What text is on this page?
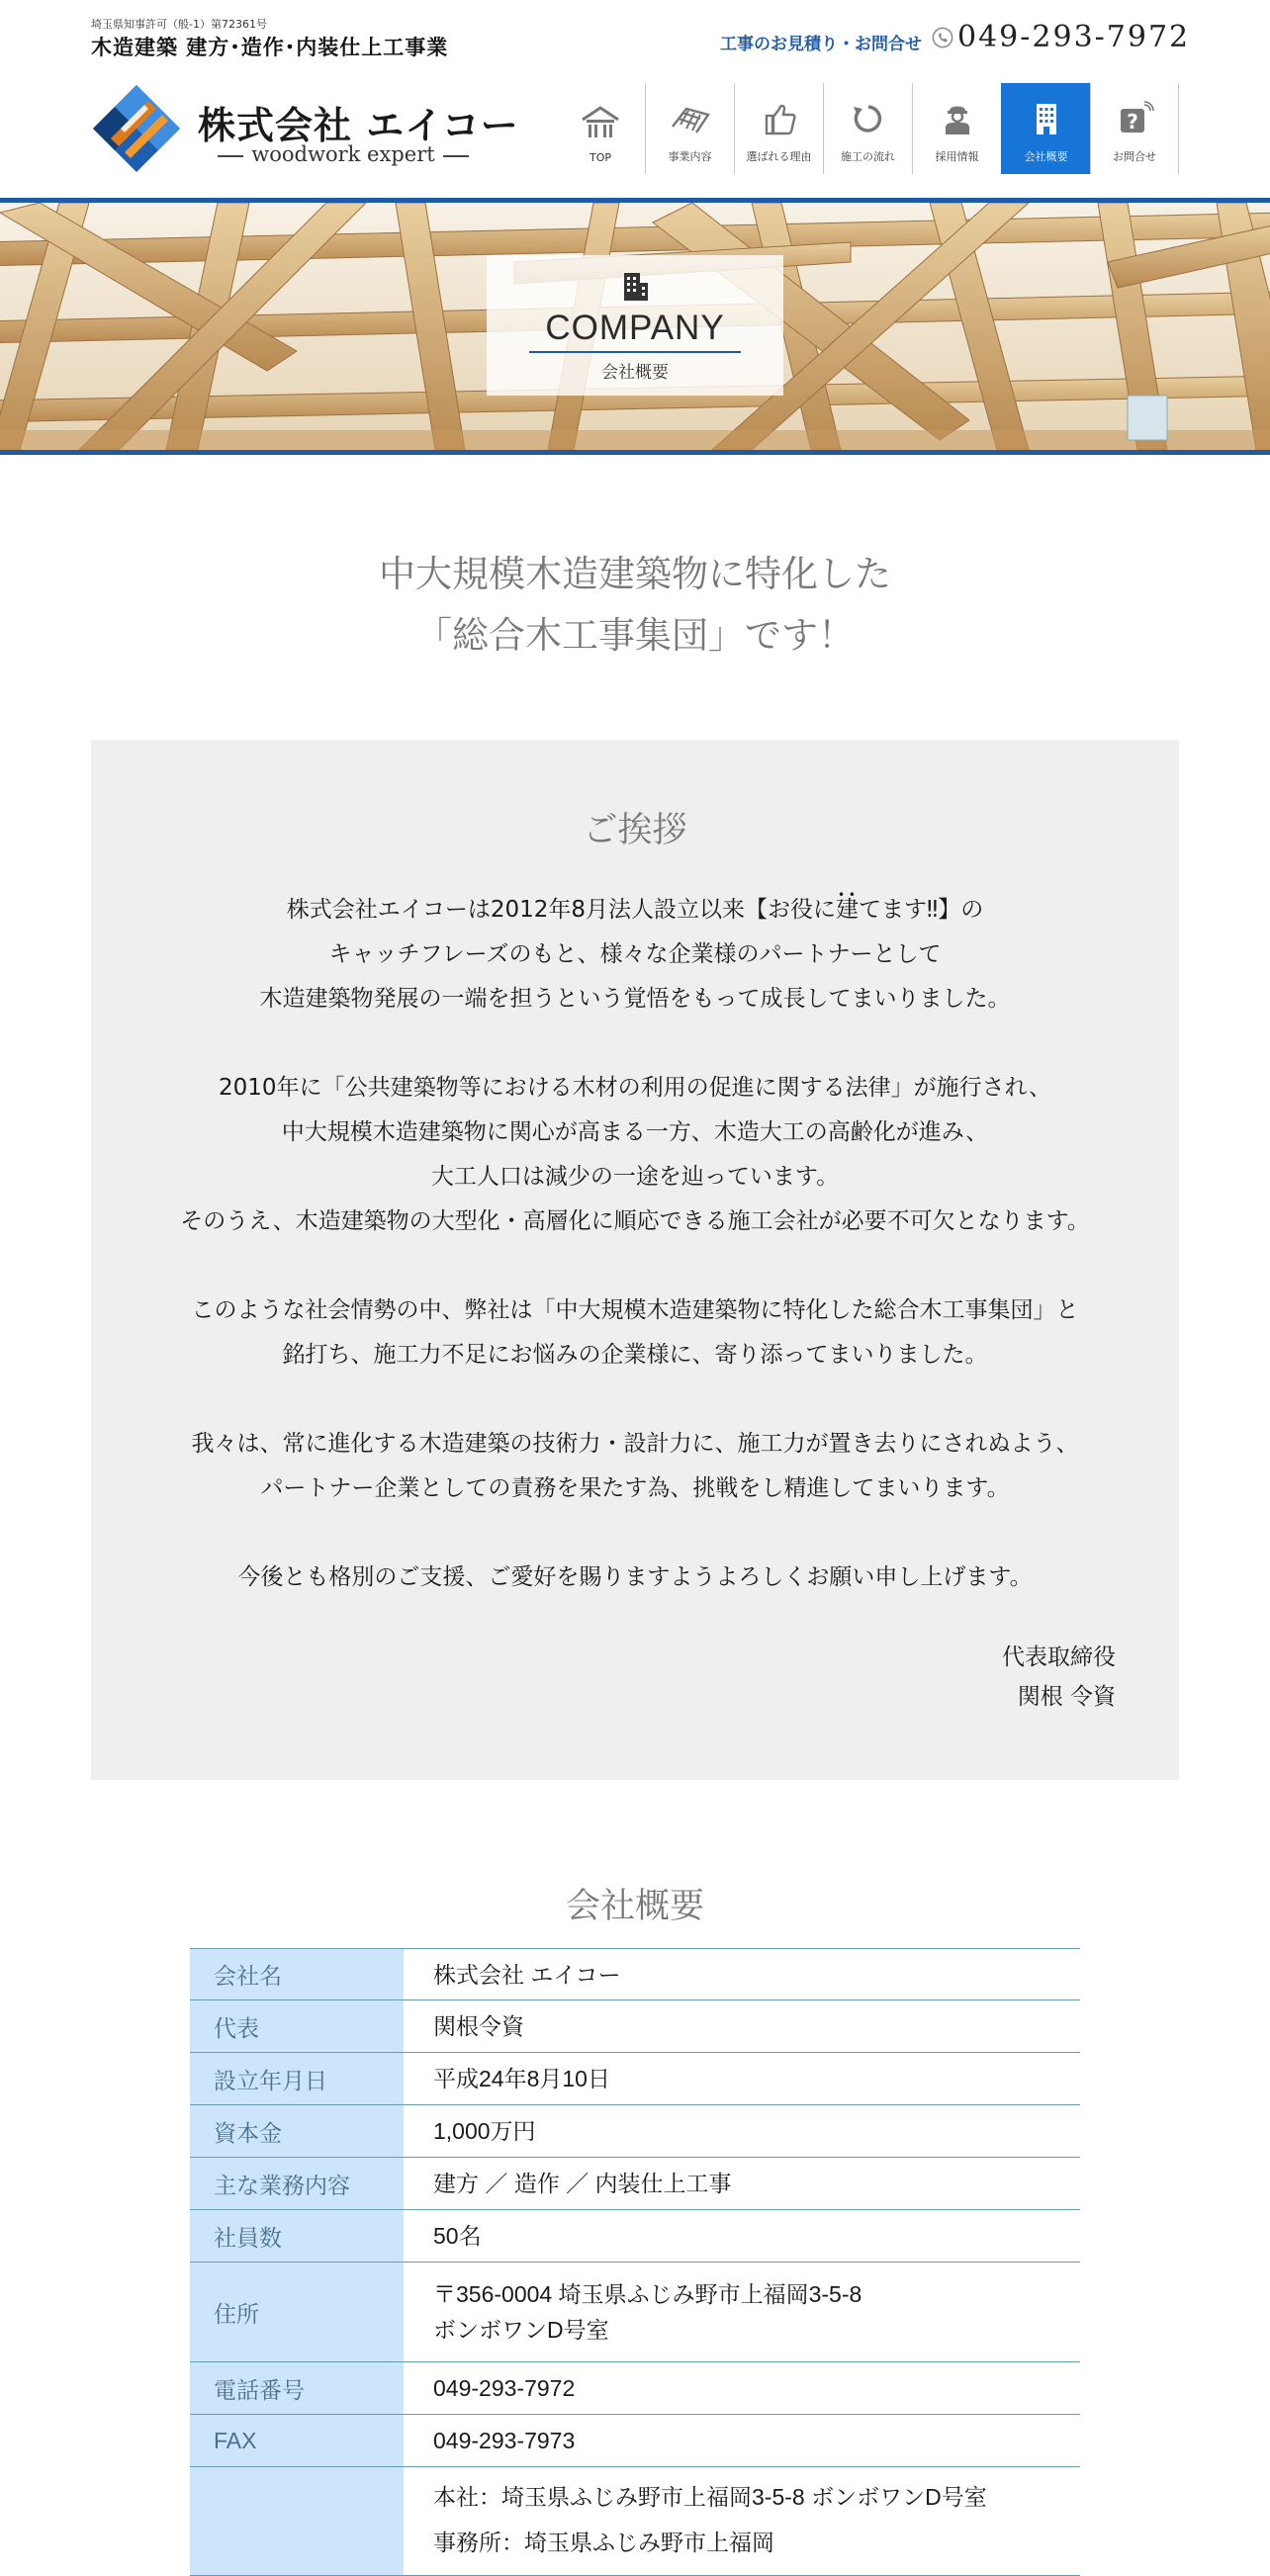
埼玉県知事許可（般-1）第72361号
木造建築 建方･造作･内装仕上工事業	工事のお見積り・お問合せ 049-293-7972
株式会社 エイコー
woodwork expert	TOP	事業内容	選ばれる理由	施工の流れ	採用情報	会社概要
?
お問合せ
COMPANY
会社概要
中大規模木造建築物に特化した
「総合木工事集団」です！
ご挨拶

株式会社エイコーは2012年8月法人設立以来【お役に• • 建てます‼】の
キャッチフレーズのもと、様々な企業様のパートナーとして
木造建築物発展の一端を担うという覚悟をもって成長してまいりました。

2010年に「公共建築物等における木材の利用の促進に関する法律」が施行され、
中大規模木造建築物に関心が高まる一方、木造大工の高齢化が進み、
大工人口は減少の一途を辿っています。
そのうえ、木造建築物の大型化・高層化に順応できる施工会社が必要不可欠となります。

このような社会情勢の中、弊社は「中大規模木造建築物に特化した総合木工事集団」と
銘打ち、施工力不足にお悩みの企業様に、寄り添ってまいりました。

我々は、常に進化する木造建築の技術力・設計力に、施工力が置き去りにされぬよう、
パートナー企業としての責務を果たす為、挑戦をし精進してまいります。

今後とも格別のご支援、ご愛好を賜りますようよろしくお願い申し上げます。

代表取締役
関根 令資
会社概要
会社名	株式会社 エイコー
代表	関根令資
設立年月日	平成24年8月10日
資本金	1,000万円
主な業務内容	建方 ／ 造作 ／ 内装仕上工事
社員数	50名
住所	〒356-0004 埼玉県ふじみ野市上福岡3-5-8
ボンボワンD号室

電話番号	049-293-7972
FAX	049-293-7973

	本社：埼玉県ふじみ野市上福岡3-5-8 ボンボワンD号室
事務所：埼玉県ふじみ野市上福岡
